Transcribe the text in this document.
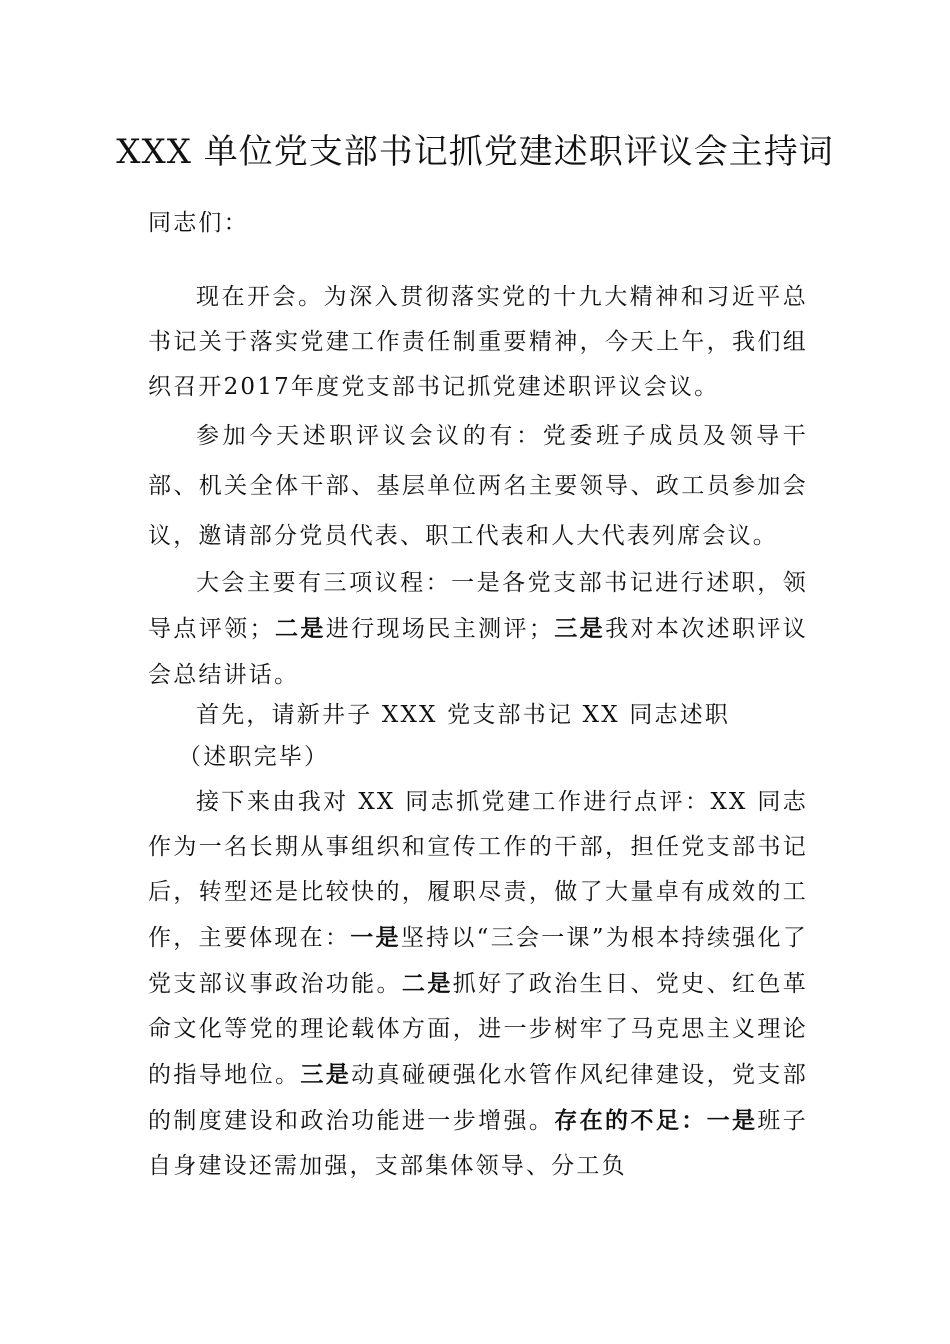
XXX 单位党支部书记抓党建述职评议会主持词

同志们：

现在开会。为深入贯彻落实党的十九大精神和习近平总书记关于落实党建工作责任制重要精神，今天上午，我们组织召开2017年度党支部书记抓党建述职评议会议。

参加今天述职评议会议的有：党委班子成员及领导干部、机关全体干部、基层单位两名主要领导、政工员参加会议，邀请部分党员代表、职工代表和人大代表列席会议。

大会主要有三项议程：一是各党支部书记进行述职，领导点评领；二是进行现场民主测评；三是我对本次述职评议会总结讲话。

首先，请新井子 XXX 党支部书记 XX 同志述职

（述职完毕）

接下来由我对 XX 同志抓党建工作进行点评：XX 同志作为一名长期从事组织和宣传工作的干部，担任党支部书记后，转型还是比较快的，履职尽责，做了大量卓有成效的工作，主要体现在：一是坚持以“三会一课”为根本持续强化了党支部议事政治功能。二是抓好了政治生日、党史、红色革命文化等党的理论载体方面，进一步树牢了马克思主义理论的指导地位。三是动真碰硬强化水管作风纪律建设，党支部的制度建设和政治功能进一步增强。存在的不足：一是班子自身建设还需加强，支部集体领导、分工负
